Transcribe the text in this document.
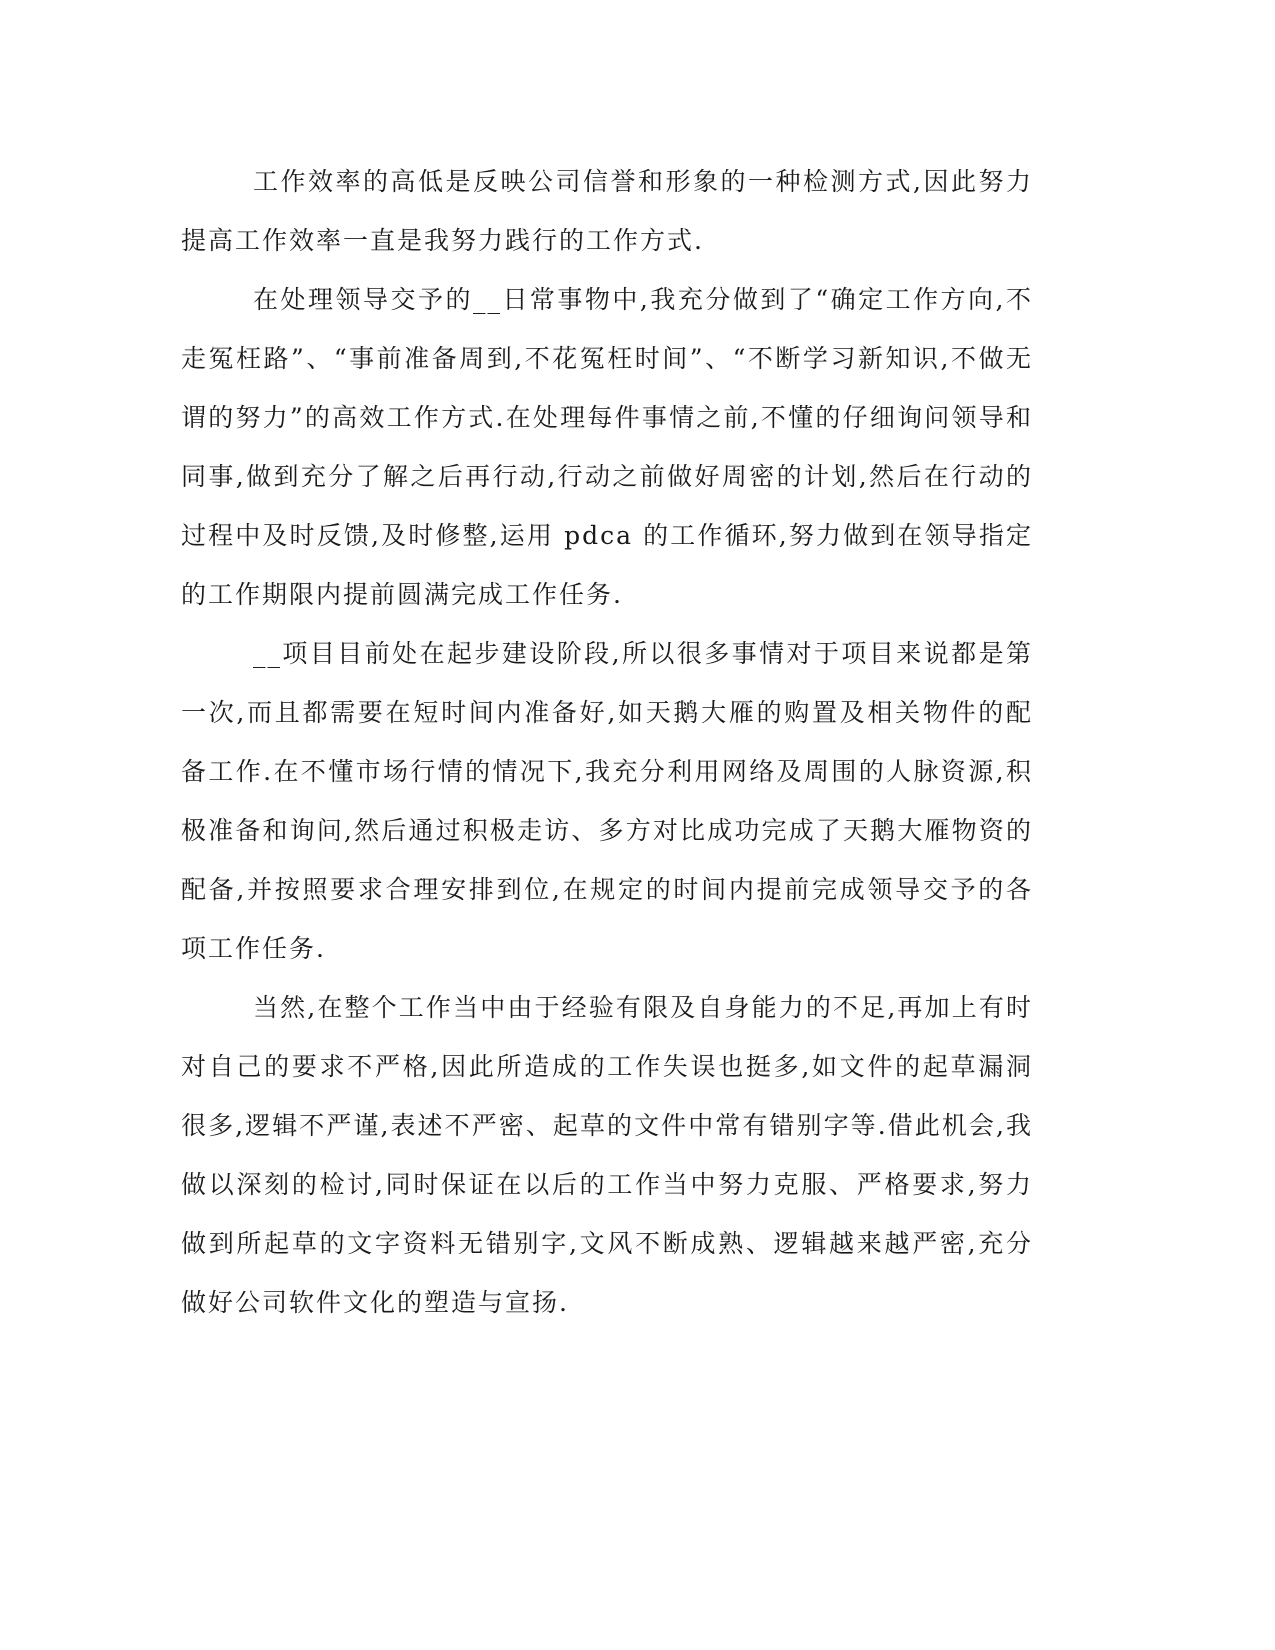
工作效率的高低是反映公司信誉和形象的一种检测方式,因此努力提高工作效率一直是我努力践行的工作方式.

在处理领导交予的__日常事物中,我充分做到了“确定工作方向,不走冤枉路”、“事前准备周到,不花冤枉时间”、“不断学习新知识,不做无谓的努力”的高效工作方式.在处理每件事情之前,不懂的仔细询问领导和同事,做到充分了解之后再行动,行动之前做好周密的计划,然后在行动的过程中及时反馈,及时修整,运用 pdca 的工作循环,努力做到在领导指定的工作期限内提前圆满完成工作任务.

__项目目前处在起步建设阶段,所以很多事情对于项目来说都是第一次,而且都需要在短时间内准备好,如天鹅大雁的购置及相关物件的配备工作.在不懂市场行情的情况下,我充分利用网络及周围的人脉资源,积极准备和询问,然后通过积极走访、多方对比成功完成了天鹅大雁物资的配备,并按照要求合理安排到位,在规定的时间内提前完成领导交予的各项工作任务.

当然,在整个工作当中由于经验有限及自身能力的不足,再加上有时对自己的要求不严格,因此所造成的工作失误也挺多,如文件的起草漏洞很多,逻辑不严谨,表述不严密、起草的文件中常有错别字等.借此机会,我做以深刻的检讨,同时保证在以后的工作当中努力克服、严格要求,努力做到所起草的文字资料无错别字,文风不断成熟、逻辑越来越严密,充分做好公司软件文化的塑造与宣扬.
